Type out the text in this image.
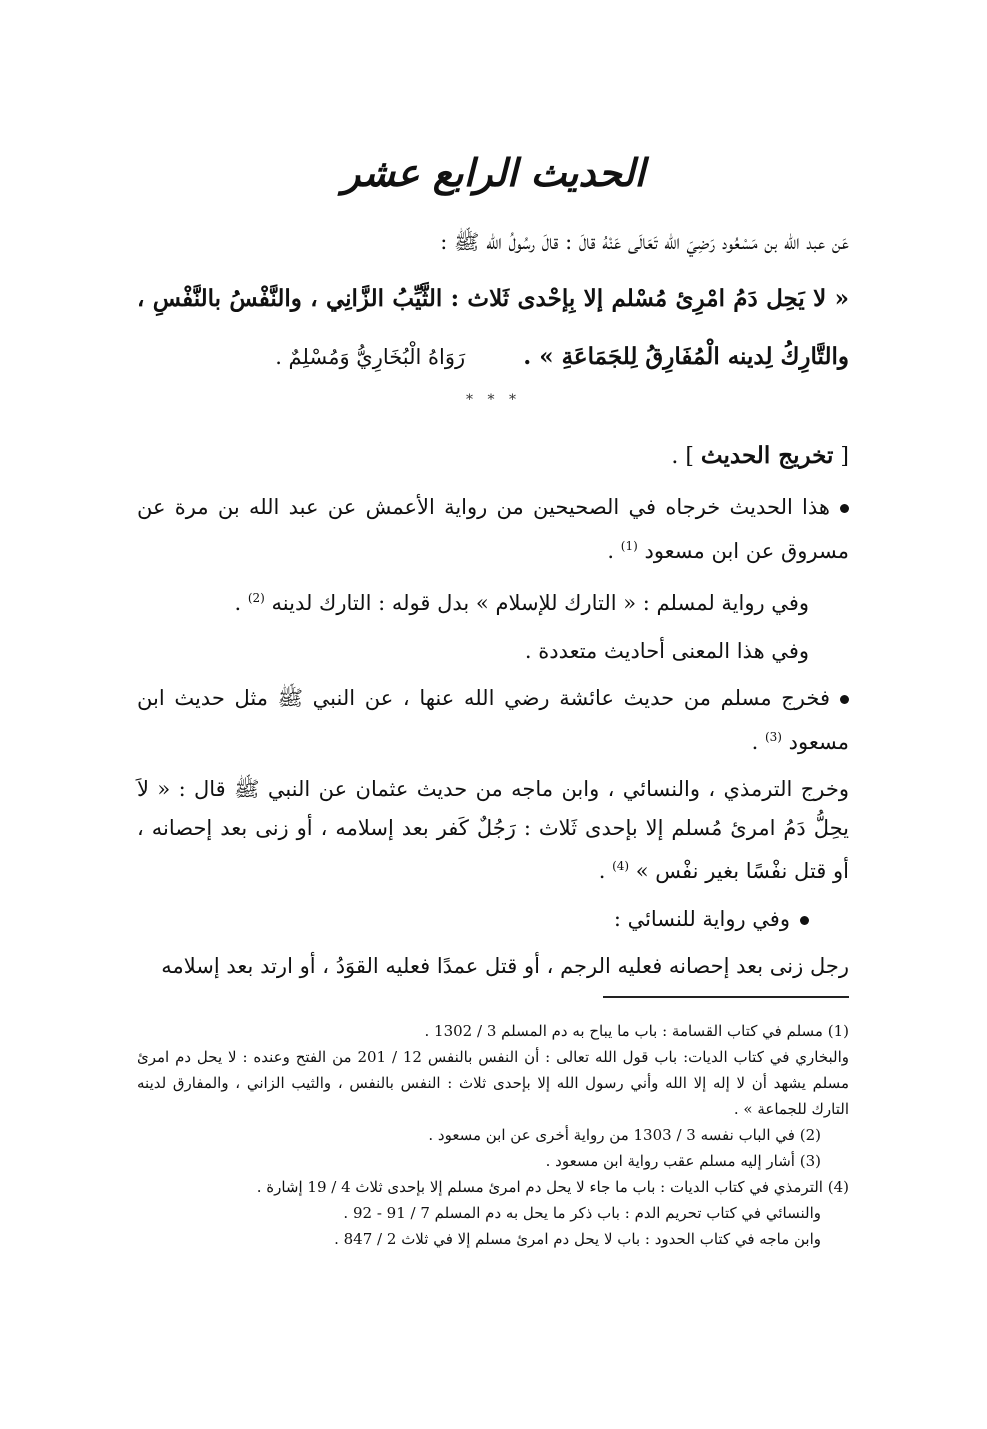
الحديث الرابع عشر
عَن عبد الله بن مَسْعُود رَضِيَ الله تَعَالَى عَنْهُ قالَ : قالَ رسُولُ الله ﷺ :
« لا يَحِل دَمُ امْرِئ مُسْلم إلا بِإحْدى ثَلاث : الثَّيِّبُ الزَّانِي ، والنَّفْسُ بالنَّفْسِ ، والتَّارِكُ لِدينه الْمُفَارِقُ لِلجَمَاعَةِ » . رَوَاهُ الْبُخَارِيُّ وَمُسْلِمٌ .
* * *
[ تخريج الحديث ] .
هذا الحديث خرجاه في الصحيحين من رواية الأعمش عن عبد الله بن مرة عن مسروق عن ابن مسعود $^{(1)}$ .
وفي رواية لمسلم : « التارك للإسلام » بدل قوله : التارك لدينه $^{(2)}$ .
وفي هذا المعنى أحاديث متعددة .
فخرج مسلم من حديث عائشة رضي الله عنها ، عن النبي ﷺ مثل حديث ابن مسعود $^{(3)}$ .
وخرج الترمذي ، والنسائي ، وابن ماجه من حديث عثمان عن النبي ﷺ قال : « لاَ يحِلُّ دَمُ امرئ مُسلم إلا بإحدى ثَلاث : رَجُلٌ كَفر بعد إسلامه ، أو زنى بعد إحصانه ، أو قتل نفْسًا بغير نفْس » $^{(4)}$ .
وفي رواية للنسائي :
رجل زنى بعد إحصانه فعليه الرجم ، أو قتل عمدًا فعليه القوَدُ ، أو ارتد بعد إسلامه
(1) مسلم في كتاب القسامة : باب ما يباح به دم المسلم 3 / 1302 .
والبخاري في كتاب الديات: باب قول الله تعالى : أن النفس بالنفس 12 / 201 من الفتح وعنده : لا يحل دم امرئ مسلم يشهد أن لا إله إلا الله وأني رسول الله إلا بإحدى ثلاث : النفس بالنفس ، والثيب الزاني ، والمفارق لدينه التارك للجماعة » .
(2) في الباب نفسه 3 / 1303 من رواية أخرى عن ابن مسعود .
(3) أشار إليه مسلم عقب رواية ابن مسعود .
(4) الترمذي في كتاب الديات : باب ما جاء لا يحل دم امرئ مسلم إلا بإحدى ثلاث 4 / 19 إشارة .
والنسائي في كتاب تحريم الدم : باب ذكر ما يحل به دم المسلم 7 / 91 - 92 .
وابن ماجه في كتاب الحدود : باب لا يحل دم امرئ مسلم إلا في ثلاث 2 / 847 .
